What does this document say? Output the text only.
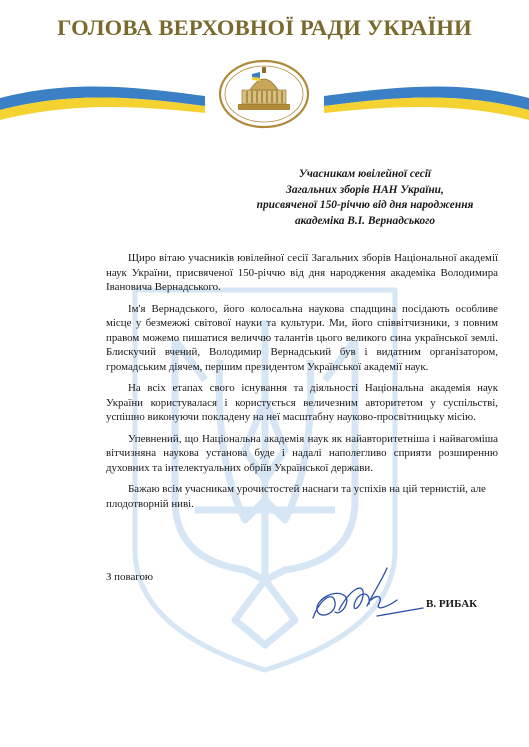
ГОЛОВА ВЕРХОВНОЇ РАДИ УКРАЇНИ
Учасникам ювілейної сесії
Загальних зборів НАН України,
присвяченої 150-річчю від дня народження
академіка В.І. Вернадського

Щиро вітаю учасників ювілейної сесії Загальних зборів Національної академії наук України, присвяченої 150-річчю від дня народження академіка Володимира Івановича Вернадського.

Ім'я Вернадського, його колосальна наукова спадщина посідають особливе місце у безмежжі світової науки та культури. Ми, його співвітчизники, з повним правом можемо пишатися величчю талантів цього великого сина української землі. Блискучий вчений, Володимир Вернадський був і видатним організатором, громадським діячем, першим президентом Української академії наук.

На всіх етапах свого існування та діяльності Національна академія наук України користувалася і користується величезним авторитетом у суспільстві, успішно виконуючи покладену на неї масштабну науково-просвітницьку місію.

Упевнений, що Національна академія наук як найавторитетніша і найвагоміша вітчизняна наукова установа буде і надалі наполегливо сприяти розширенню духовних та інтелектуальних обріїв Української держави.

Бажаю всім учасникам урочистостей наснаги та успіхів на цій тернистій, але плодотворній ниві.

З повагою
В. РИБАК
